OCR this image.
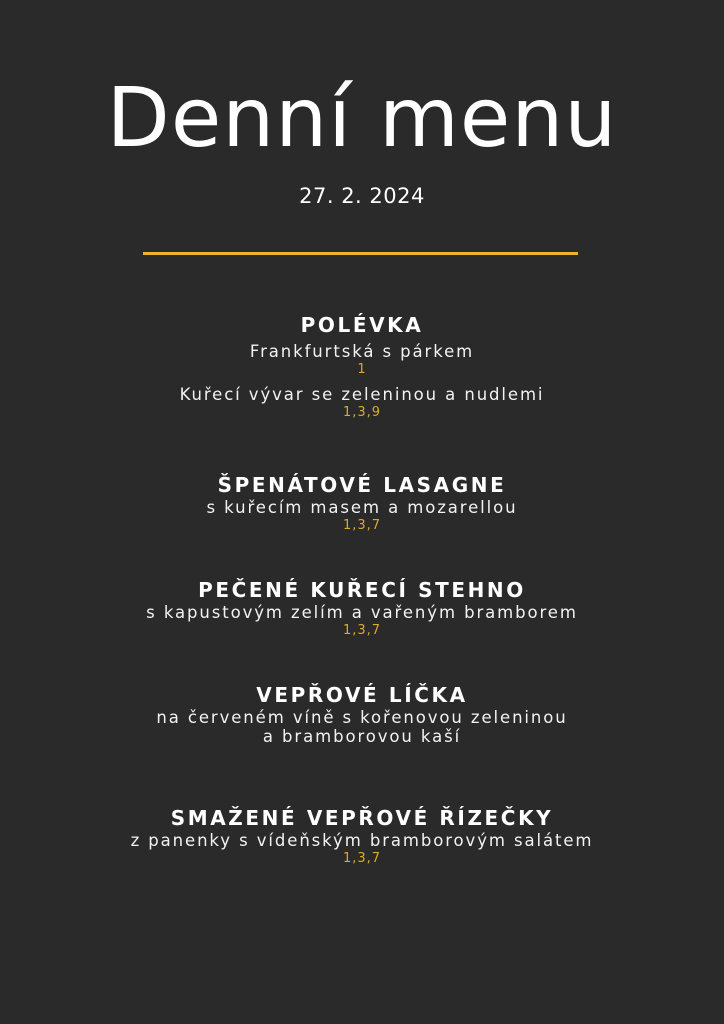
Denní menu
27. 2. 2024
POLÉVKA
Frankfurtská s párkem
1
Kuřecí vývar se zeleninou a nudlemi
1,3,9
ŠPENÁTOVÉ LASAGNE
s kuřecím masem a mozarellou
1,3,7
PEČENÉ KUŘECÍ STEHNO
s kapustovým zelím a vařeným bramborem
1,3,7
VEPŘOVÉ LÍČKA
na červeném víně s kořenovou zeleninou
a bramborovou kaší
SMAŽENÉ VEPŘOVÉ ŘÍZEČKY
z panenky s vídeňským bramborovým salátem
1,3,7
